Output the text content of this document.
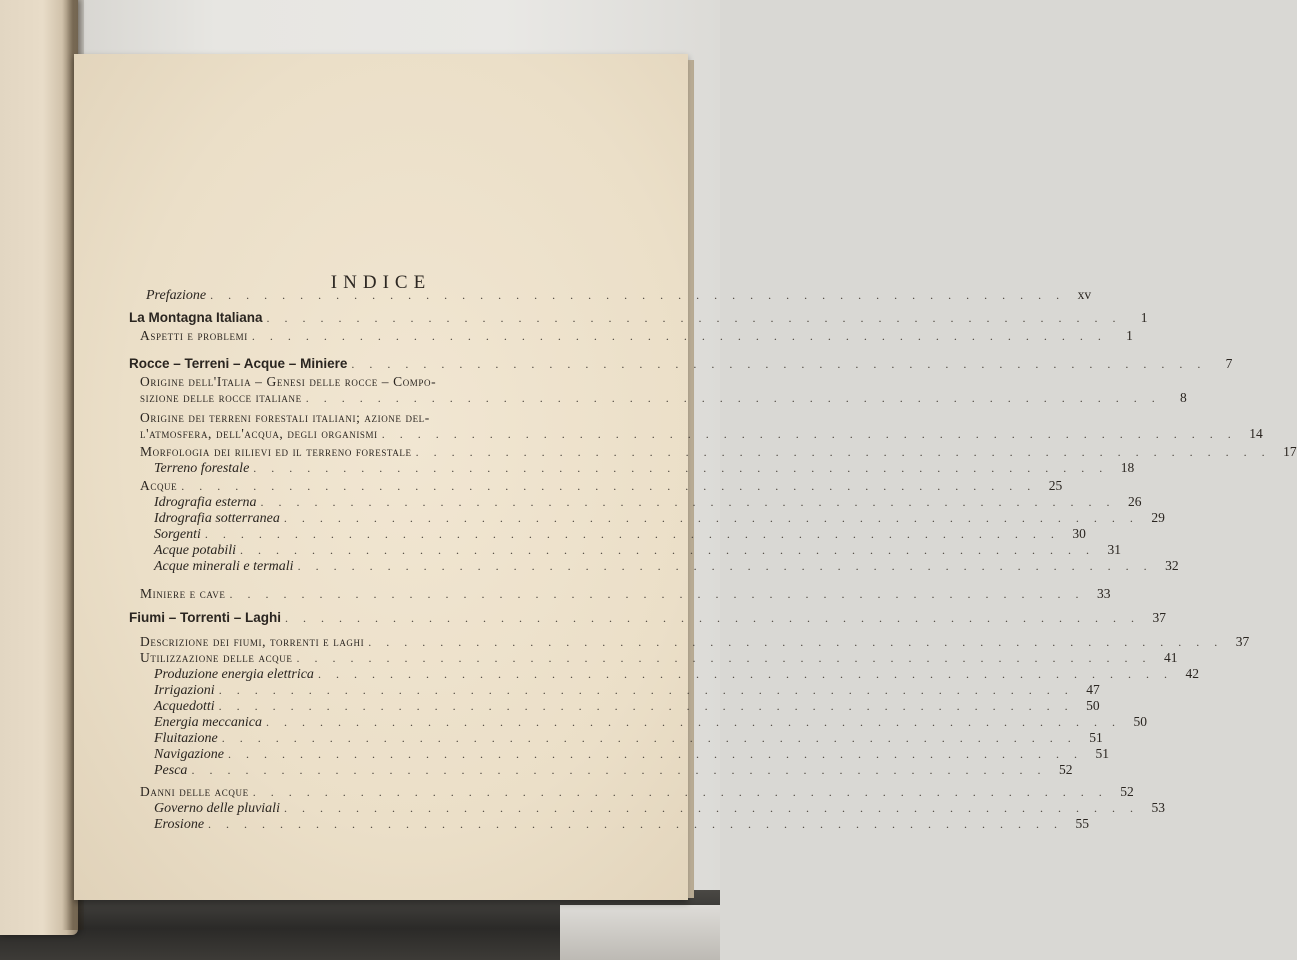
INDICE
Prefazione . . . . . . . . . . . . . . . . . . . . . . . . . . . . . . . . . . . . . . . . . . . . . . . . xv
La Montagna Italiana . . . . . . . . . . . . . . . . . . . . . . . . . . . . . . . . . . . . . . . . . . . . . . . .	1
Aspetti e problemi . . . . . . . . . . . . . . . . . . . . . . . . . . . . . . . . . . . . . . . . . . . . . . . .	1
Rocce – Terreni – Acque – Miniere . . . . . . . . . . . . . . . . . . . . . . . . . . . . . . . . . . . . . . . . . . . . . . . .	7
Origine dell'Italia – Genesi delle rocce – Compo-
sizione delle rocce italiane . . . . . . . . . . . . . . . . . . . . . . . . . . . . . . . . . . . . . . . . . . . . . . . .	8
Origine dei terreni forestali italiani; azione del-
l'atmosfera, dell'acqua, degli organismi . . . . . . . . . . . . . . . . . . . . . . . . . . . . . . . . . . . . . . . . . . . . . . . . 14
Morfologia dei rilievi ed il terreno forestale . . . . . . . . . . . . . . . . . . . . . . . . . . . . . . . . . . . . . . . . . . . . . . . . 17
Terreno forestale . . . . . . . . . . . . . . . . . . . . . . . . . . . . . . . . . . . . . . . . . . . . . . . . 18
Acque . . . . . . . . . . . . . . . . . . . . . . . . . . . . . . . . . . . . . . . . . . . . . . . . 25
Idrografia esterna . . . . . . . . . . . . . . . . . . . . . . . . . . . . . . . . . . . . . . . . . . . . . . . . 26
Idrografia sotterranea . . . . . . . . . . . . . . . . . . . . . . . . . . . . . . . . . . . . . . . . . . . . . . . . 29
Sorgenti . . . . . . . . . . . . . . . . . . . . . . . . . . . . . . . . . . . . . . . . . . . . . . . . 30
Acque potabili . . . . . . . . . . . . . . . . . . . . . . . . . . . . . . . . . . . . . . . . . . . . . . . . 31
Acque minerali e termali . . . . . . . . . . . . . . . . . . . . . . . . . . . . . . . . . . . . . . . . . . . . . . . . 32
Miniere e cave . . . . . . . . . . . . . . . . . . . . . . . . . . . . . . . . . . . . . . . . . . . . . . . . 33
Fiumi – Torrenti – Laghi . . . . . . . . . . . . . . . . . . . . . . . . . . . . . . . . . . . . . . . . . . . . . . . . 37
Descrizione dei fiumi, torrenti e laghi . . . . . . . . . . . . . . . . . . . . . . . . . . . . . . . . . . . . . . . . . . . . . . . . 37
Utilizzazione delle acque . . . . . . . . . . . . . . . . . . . . . . . . . . . . . . . . . . . . . . . . . . . . . . . . 41
Produzione energia elettrica . . . . . . . . . . . . . . . . . . . . . . . . . . . . . . . . . . . . . . . . . . . . . . . . 42
Irrigazioni . . . . . . . . . . . . . . . . . . . . . . . . . . . . . . . . . . . . . . . . . . . . . . . . 47
Acquedotti . . . . . . . . . . . . . . . . . . . . . . . . . . . . . . . . . . . . . . . . . . . . . . . . 50
Energia meccanica . . . . . . . . . . . . . . . . . . . . . . . . . . . . . . . . . . . . . . . . . . . . . . . . 50
Fluitazione . . . . . . . . . . . . . . . . . . . . . . . . . . . . . . . . . . . . . . . . . . . . . . . . 51
Navigazione . . . . . . . . . . . . . . . . . . . . . . . . . . . . . . . . . . . . . . . . . . . . . . . . 51
Pesca . . . . . . . . . . . . . . . . . . . . . . . . . . . . . . . . . . . . . . . . . . . . . . . . 52
Danni delle acque . . . . . . . . . . . . . . . . . . . . . . . . . . . . . . . . . . . . . . . . . . . . . . . . 52
Governo delle pluviali . . . . . . . . . . . . . . . . . . . . . . . . . . . . . . . . . . . . . . . . . . . . . . . . 53
Erosione . . . . . . . . . . . . . . . . . . . . . . . . . . . . . . . . . . . . . . . . . . . . . . . . 55
